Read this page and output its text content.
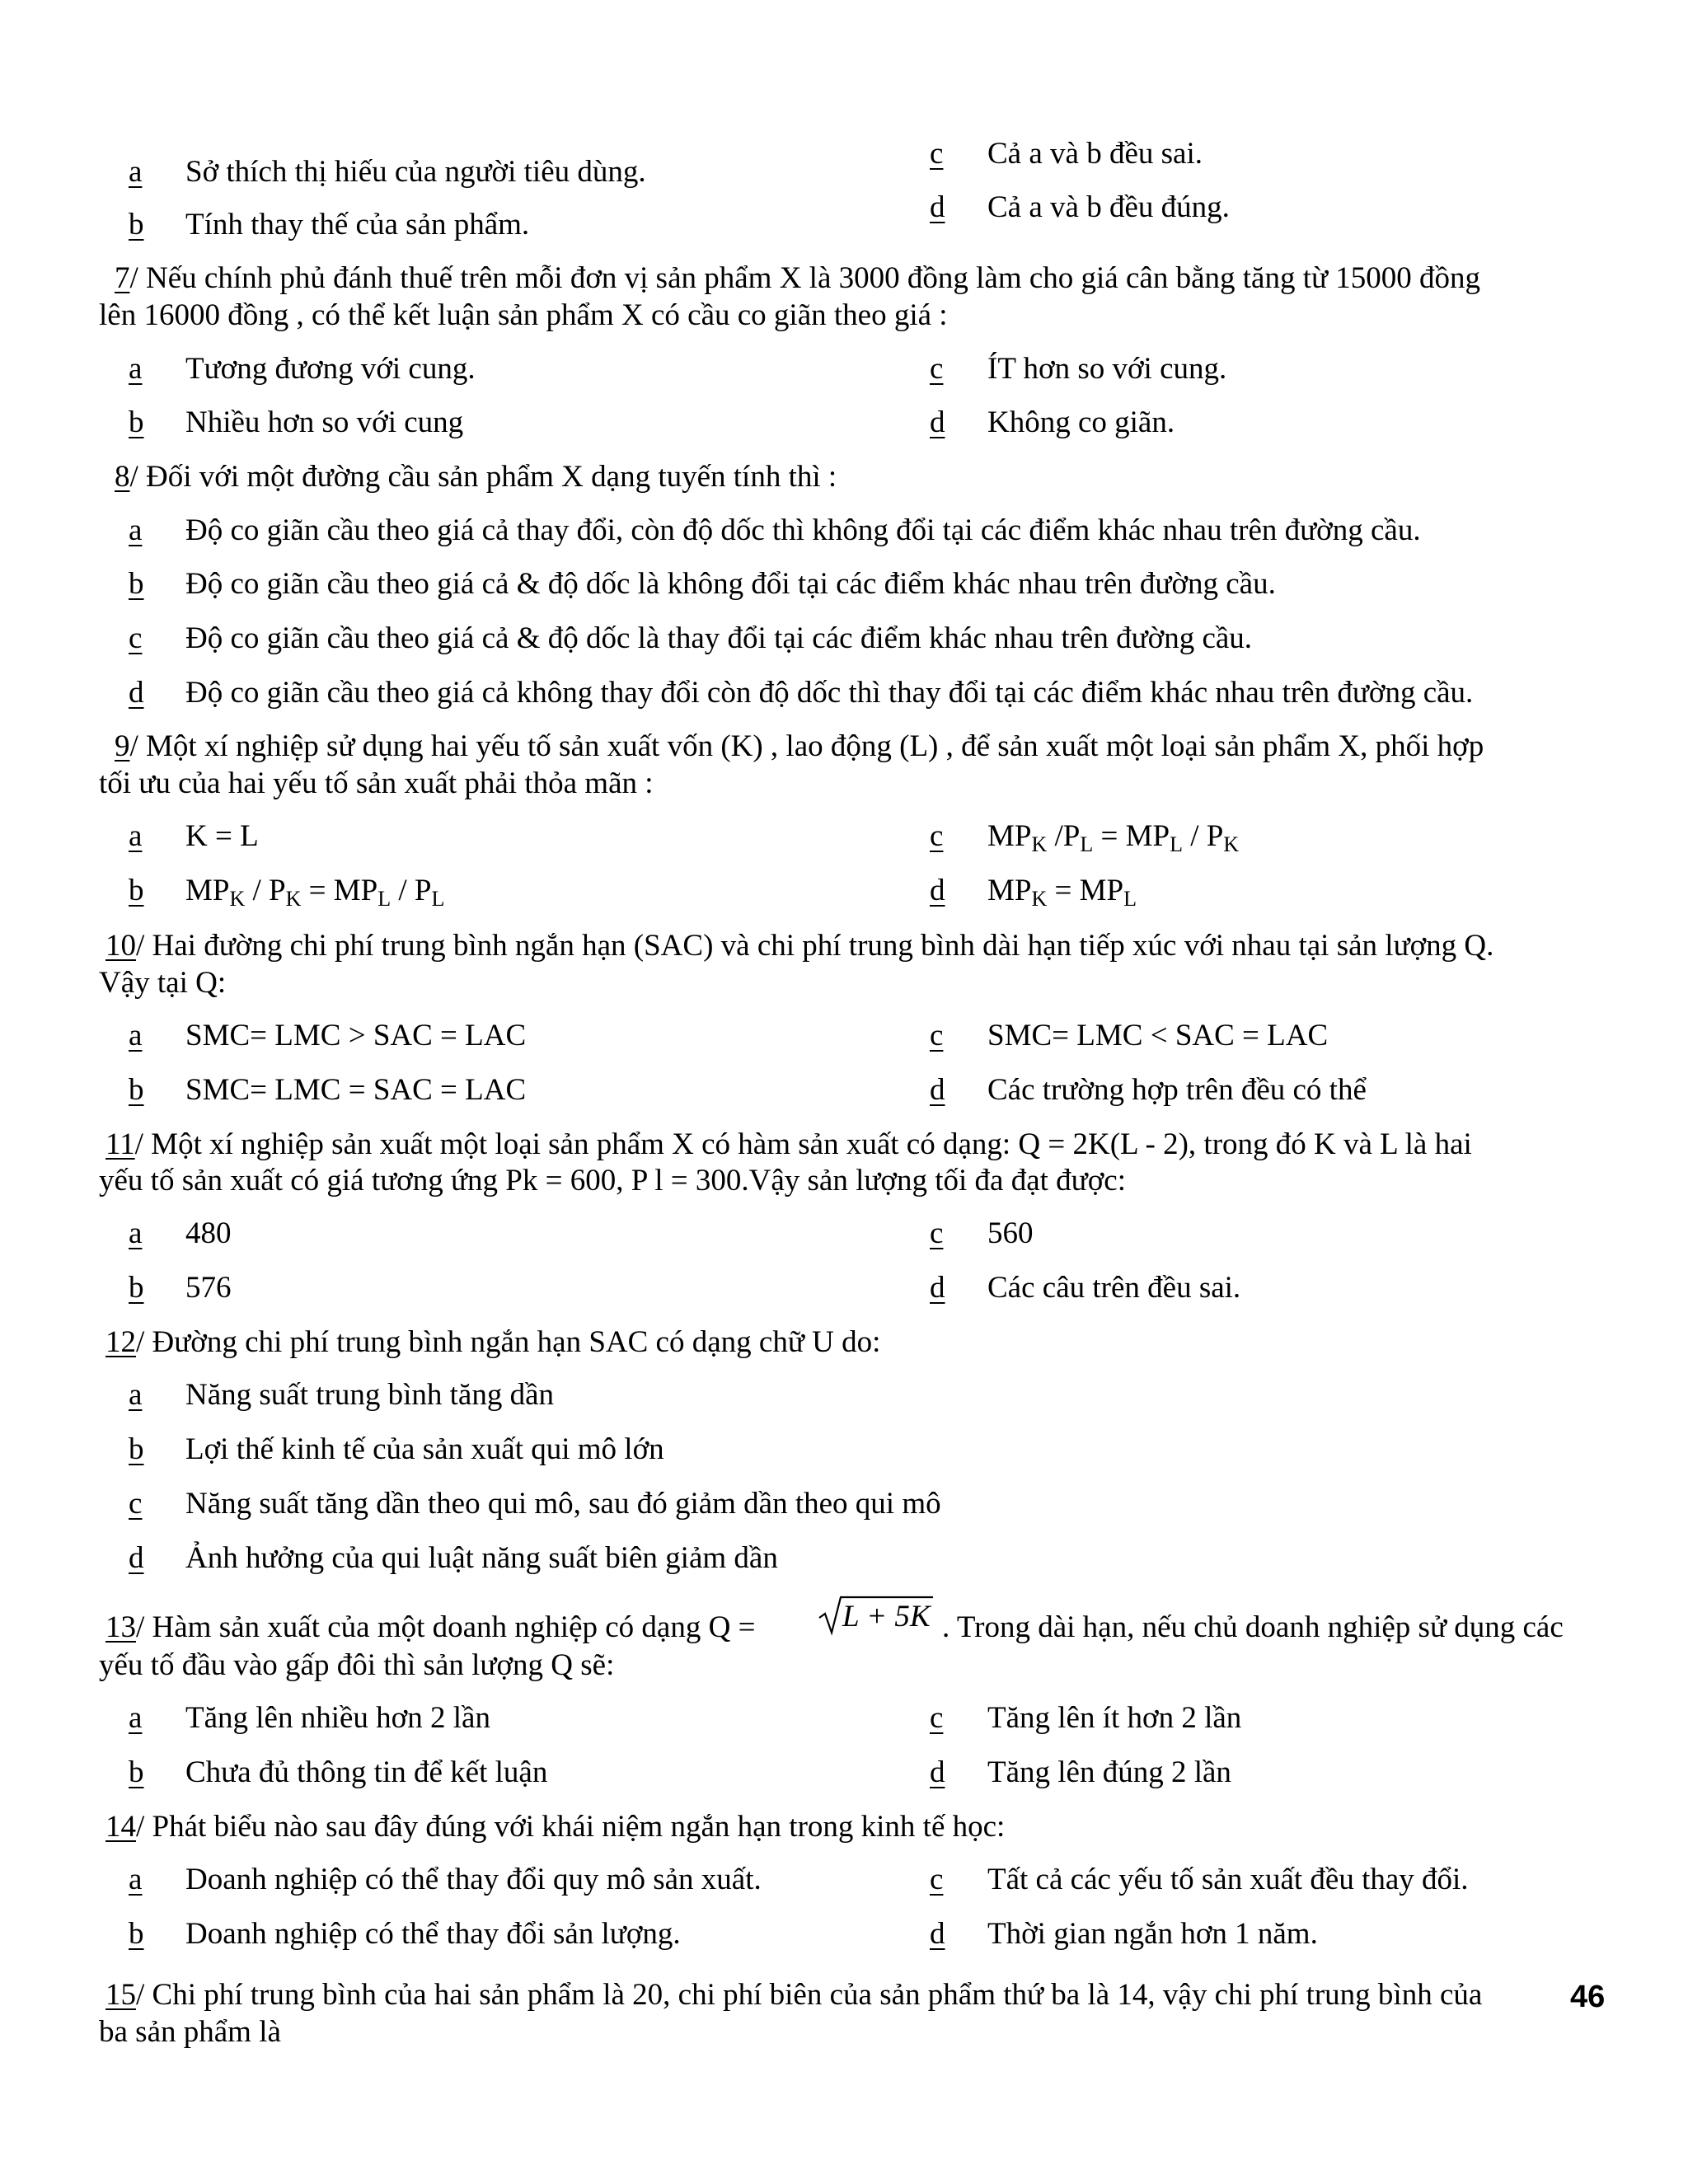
a Sở thích thị hiếu của người tiêu dùng.
b Tính thay thế của sản phẩm.
c Cả a và b đều sai.
d Cả a và b đều đúng.
7/ Nếu chính phủ đánh thuế trên mỗi đơn vị sản phẩm X là 3000 đồng làm cho giá cân bằng tăng từ 15000 đồng
lên 16000 đồng , có thể kết luận sản phẩm X có cầu co giãn theo giá :
a Tương đương với cung.
b Nhiều hơn so với cung
c ÍT hơn so với cung.
d Không co giãn.
8/ Đối với một đường cầu sản phẩm X dạng tuyến tính thì :
a Độ co giãn cầu theo giá cả thay đổi, còn độ dốc thì không đổi tại các điểm khác nhau trên đường cầu.
b Độ co giãn cầu theo giá cả & độ dốc là không đổi tại các điểm khác nhau trên đường cầu.
c Độ co giãn cầu theo giá cả & độ dốc là thay đổi tại các điểm khác nhau trên đường cầu.
d Độ co giãn cầu theo giá cả không thay đổi còn độ dốc thì thay đổi tại các điểm khác nhau trên đường cầu.
9/ Một xí nghiệp sử dụng hai yếu tố sản xuất vốn (K) , lao động (L) , để sản xuất một loại sản phẩm X, phối hợp
tối ưu của hai yếu tố sản xuất phải thỏa mãn :
a K = L
b $MP_K / P_K = MP_L / P_L$
c $MP_K$ $/P_L = MP_L / P_K$
d $MP_K = MP_L$
10/ Hai đường chi phí trung bình ngắn hạn (SAC) và chi phí trung bình dài hạn tiếp xúc với nhau tại sản lượng Q.
Vậy tại Q:
a SMC= LMC > SAC = LAC
b SMC= LMC = SAC = LAC
c SMC= LMC < SAC = LAC
d Các trường hợp trên đều có thể
11/ Một xí nghiệp sản xuất một loại sản phẩm X có hàm sản xuất có dạng: Q = 2K(L - 2), trong đó K và L là hai
yếu tố sản xuất có giá tương ứng Pk = 600, P l = 300.Vậy sản lượng tối đa đạt được:
a 480
b 576
c 560
d Các câu trên đều sai.
12/ Đường chi phí trung bình ngắn hạn SAC có dạng chữ U do:
a Năng suất trung bình tăng dần
b Lợi thế kinh tế của sản xuất qui mô lớn
c Năng suất tăng dần theo qui mô, sau đó giảm dần theo qui mô
d Ảnh hưởng của qui luật năng suất biên giảm dần
13/ Hàm sản xuất của một doanh nghiệp có dạng Q =	L + 5K . Trong dài hạn, nếu chủ doanh nghiệp sử dụng các
yếu tố đầu vào gấp đôi thì sản lượng Q sẽ:
a Tăng lên nhiều hơn 2 lần
b Chưa đủ thông tin để kết luận
c Tăng lên ít hơn 2 lần
d Tăng lên đúng 2 lần
14/ Phát biểu nào sau đây đúng với khái niệm ngắn hạn trong kinh tế học:
a Doanh nghiệp có thể thay đổi quy mô sản xuất.
b Doanh nghiệp có thể thay đổi sản lượng.
c Tất cả các yếu tố sản xuất đều thay đổi.
d Thời gian ngắn hơn 1 năm.
15/ Chi phí trung bình của hai sản phẩm là 20, chi phí biên của sản phẩm thứ ba là 14, vậy chi phí trung bình của
ba sản phẩm là
46
